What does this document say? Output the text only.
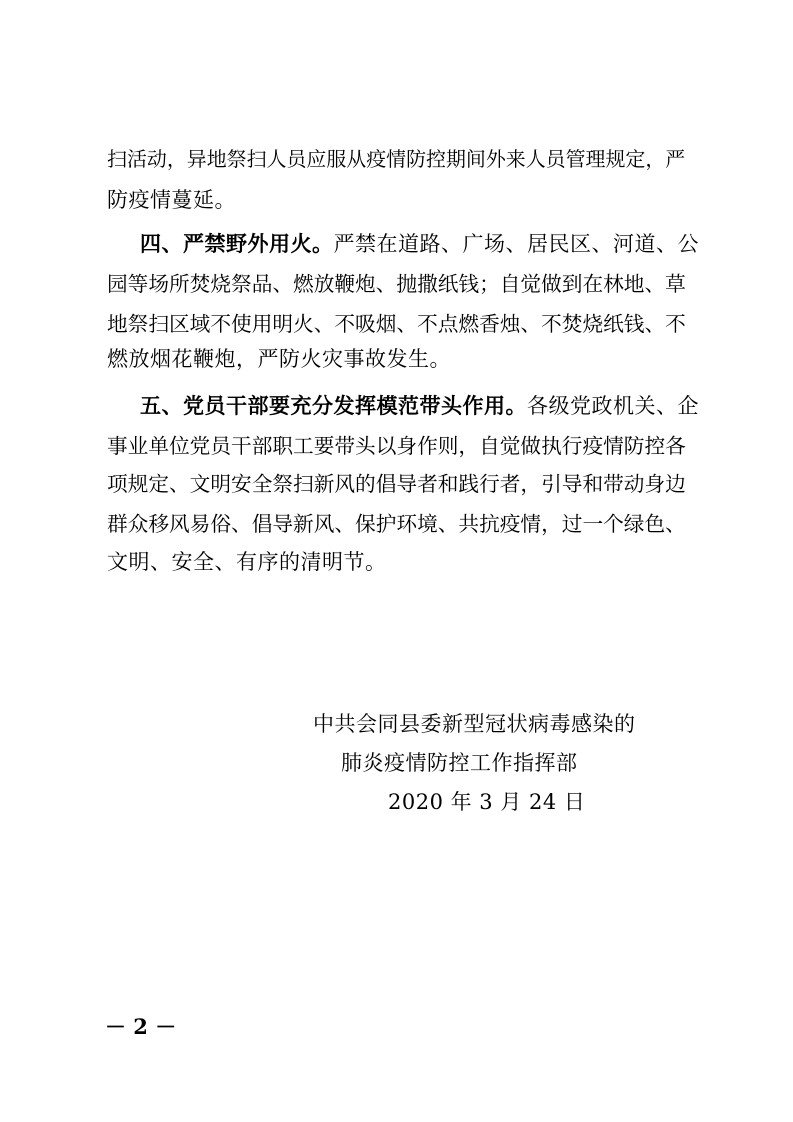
扫活动，异地祭扫人员应服从疫情防控期间外来人员管理规定，严
防疫情蔓延。
四、严禁野外用火。严禁在道路、广场、居民区、河道、公
园等场所焚烧祭品、燃放鞭炮、抛撒纸钱；自觉做到在林地、草
地祭扫区域不使用明火、不吸烟、不点燃香烛、不焚烧纸钱、不
燃放烟花鞭炮，严防火灾事故发生。
五、党员干部要充分发挥模范带头作用。各级党政机关、企
事业单位党员干部职工要带头以身作则，自觉做执行疫情防控各
项规定、文明安全祭扫新风的倡导者和践行者，引导和带动身边
群众移风易俗、倡导新风、保护环境、共抗疫情，过一个绿色、
文明、安全、有序的清明节。
中共会同县委新型冠状病毒感染的
肺炎疫情防控工作指挥部
2020 年 3 月 24 日
－ 2 －
